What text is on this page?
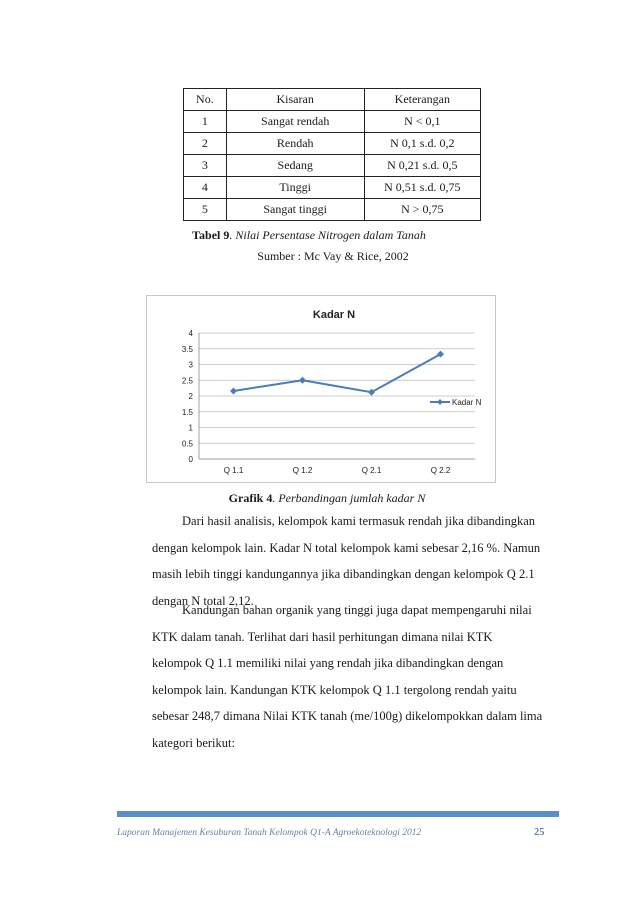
No.	Kisaran	Keterangan
1	Sangat rendah	N < 0,1
2	Rendah	N 0,1 s.d. 0,2
3	Sedang	N 0,21 s.d. 0,5
4	Tinggi	N 0,51 s.d. 0,75
5	Sangat tinggi	N > 0,75
Tabel 9. Nilai Persentase Nitrogen dalam Tanah
Sumber : Mc Vay & Rice, 2002
Kadar N
0
0.5
1
1.5
2
2.5
3
3.5
4
Q 1.1	Q 1.2	Q 2.1	Q 2.2
Kadar N
Grafik 4. Perbandingan jumlah kadar N
Dari hasil analisis, kelompok kami termasuk rendah jika dibandingkan
dengan kelompok lain. Kadar N total kelompok kami sebesar 2,16 %. Namun
masih lebih tinggi kandungannya jika dibandingkan dengan kelompok Q 2.1
dengan N total 2,12.
Kandungan bahan organik yang tinggi juga dapat mempengaruhi nilai
KTK dalam tanah. Terlihat dari hasil perhitungan dimana nilai KTK
kelompok Q 1.1 memiliki nilai yang rendah jika dibandingkan dengan
kelompok lain. Kandungan KTK kelompok Q 1.1 tergolong rendah yaitu
sebesar 248,7 dimana Nilai KTK tanah (me/100g) dikelompokkan dalam lima
kategori berikut:
Laporan Manajemen Kesuburan Tanah Kelompok Q1-A Agroekoteknologi 2012	25
